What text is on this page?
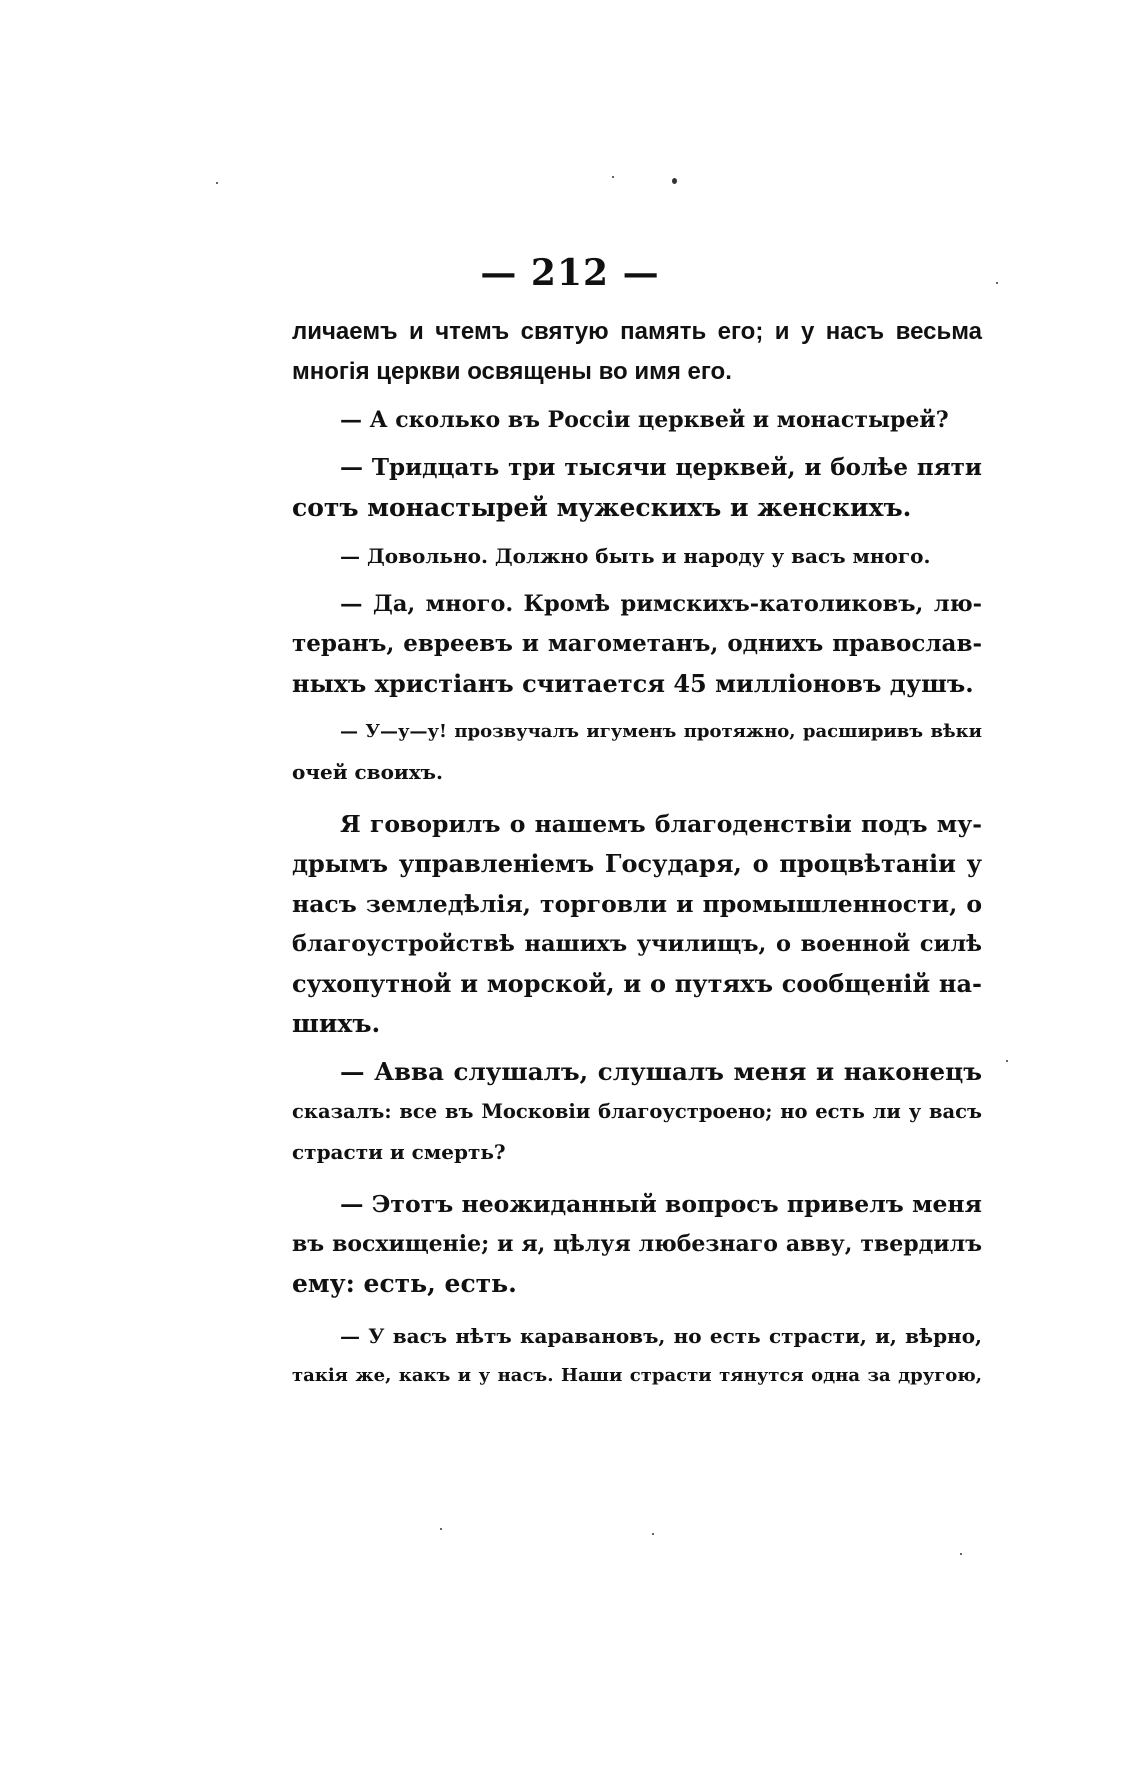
— 212 —
личаемъ и чтемъ святую память его; и у насъ весьма
многія церкви освящены во имя его.
— А сколько въ Россіи церквей и монастырей?
— Тридцать три тысячи церквей, и болѣе пяти
сотъ монастырей мужескихъ и женскихъ.
— Довольно. Должно быть и народу у васъ много.
— Да, много. Кромѣ римскихъ-католиковъ, лю-
теранъ, евреевъ и магометанъ, однихъ православ-
ныхъ христіанъ считается 45 милліоновъ душъ.
— У—у—у! прозвучалъ игуменъ протяжно, расширивъ вѣки
очей своихъ.
Я говорилъ о нашемъ благоденствіи подъ му-
дрымъ управленіемъ Государя, о процвѣтаніи у
насъ земледѣлія, торговли и промышленности, о
благоустройствѣ нашихъ училищъ, о военной силѣ
сухопутной и морской, и о путяхъ сообщеній на-
шихъ.
— Авва слушалъ, слушалъ меня и наконецъ
сказалъ: все въ Московіи благоустроено; но есть ли у васъ
страсти и смерть?
— Этотъ неожиданный вопросъ привелъ меня
въ восхищеніе; и я, цѣлуя любезнаго авву, твердилъ
ему: есть, есть.
— У васъ нѣтъ каравановъ, но есть страсти, и, вѣрно,
такія же, какъ и у насъ. Наши страсти тянутся одна за другою,
